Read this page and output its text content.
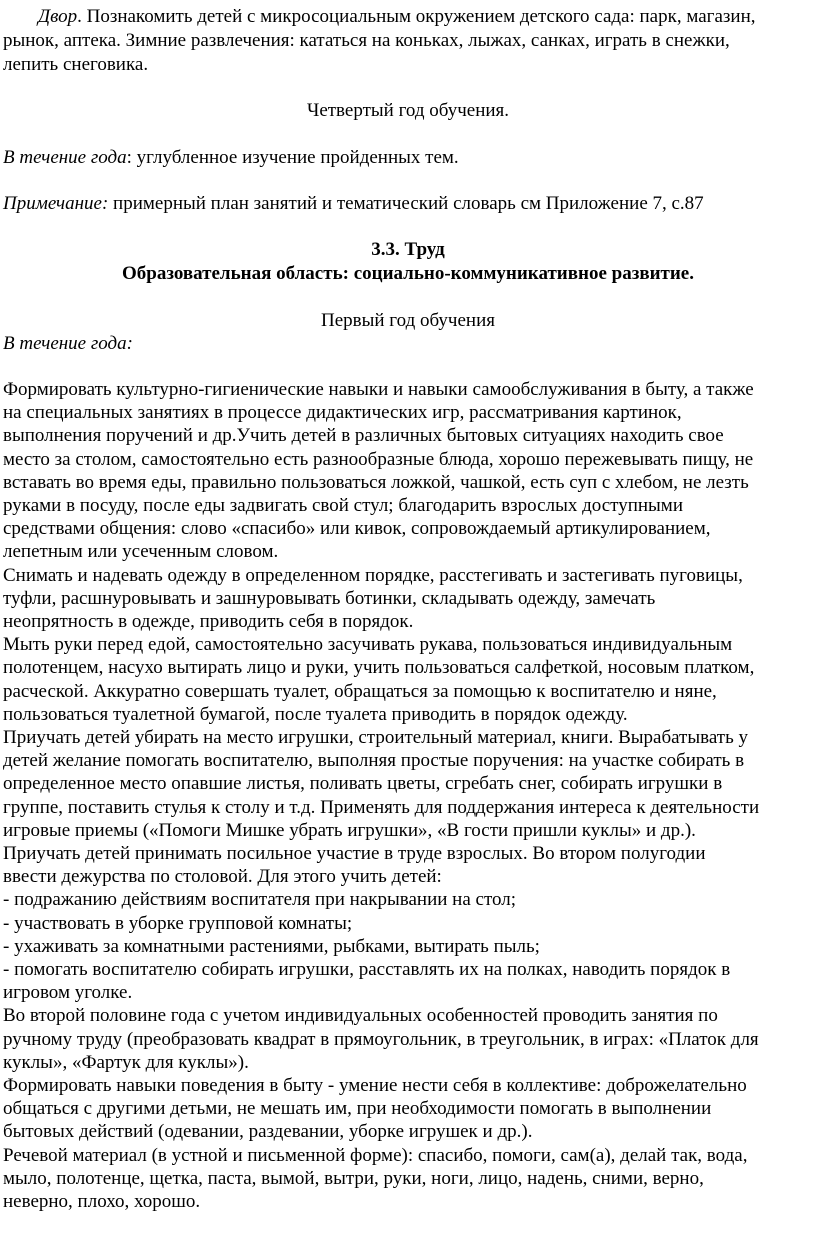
Двор. Познакомить детей с микросоциальным окружением детского сада: парк, магазин,

рынок, аптека. Зимние развлечения: кататься на коньках, лыжах, санках, играть в снежки,

лепить снеговика.

Четвертый год обучения.

В течение года: углубленное изучение пройденных тем.

Примечание: примерный план занятий и тематический словарь см Приложение 7, с.87

3.3. Труд

Образовательная область: социально-коммуникативное развитие.

Первый год обучения

В течение года:

Формировать культурно-гигиенические навыки и навыки самообслуживания в быту, а также

на специальных занятиях в процессе дидактических игр, рассматривания картинок,

выполнения поручений и др.Учить детей в различных бытовых ситуациях находить свое

место за столом, самостоятельно есть разнообразные блюда, хорошо пережевывать пищу, не

вставать во время еды, правильно пользоваться ложкой, чашкой, есть суп с хлебом, не лезть

руками в посуду, после еды задвигать свой стул; благодарить взрослых доступными

средствами общения: слово «спасибо» или кивок, сопровождаемый артикулированием,

лепетным или усеченным словом.

Снимать и надевать одежду в определенном порядке, расстегивать и застегивать пуговицы,

туфли, расшнуровывать и зашнуровывать ботинки, складывать одежду, замечать

неопрятность в одежде, приводить себя в порядок.

Мыть руки перед едой, самостоятельно засучивать рукава, пользоваться индивидуальным

полотенцем, насухо вытирать лицо и руки, учить пользоваться салфеткой, носовым платком,

расческой. Аккуратно совершать туалет, обращаться за помощью к воспитателю и няне,

пользоваться туалетной бумагой, после туалета приводить в порядок одежду.

Приучать детей убирать на место игрушки, строительный материал, книги. Вырабатывать у

детей желание помогать воспитателю, выполняя простые поручения: на участке собирать в

определенное место опавшие листья, поливать цветы, сгребать снег, собирать игрушки в

группе, поставить стулья к столу и т.д. Применять для поддержания интереса к деятельности

игровые приемы («Помоги Мишке убрать игрушки», «В гости пришли куклы» и др.).

Приучать детей принимать посильное участие в труде взрослых. Во втором полугодии

ввести дежурства по столовой. Для этого учить детей:

- подражанию действиям воспитателя при накрывании на стол;

- участвовать в уборке групповой комнаты;

- ухаживать за комнатными растениями, рыбками, вытирать пыль;

- помогать воспитателю собирать игрушки, расставлять их на полках, наводить порядок в

игровом уголке.

Во второй половине года с учетом индивидуальных особенностей проводить занятия по

ручному труду (преобразовать квадрат в прямоугольник, в треугольник, в играх: «Платок для

куклы», «Фартук для куклы»).

Формировать навыки поведения в быту - умение нести себя в коллективе: доброжелательно

общаться с другими детьми, не мешать им, при необходимости помогать в выполнении

бытовых действий (одевании, раздевании, уборке игрушек и др.).

Речевой материал (в устной и письменной форме): спасибо, помоги, сам(а), делай так, вода,

мыло, полотенце, щетка, паста, вымой, вытри, руки, ноги, лицо, надень, сними, верно,

неверно, плохо, хорошо.
